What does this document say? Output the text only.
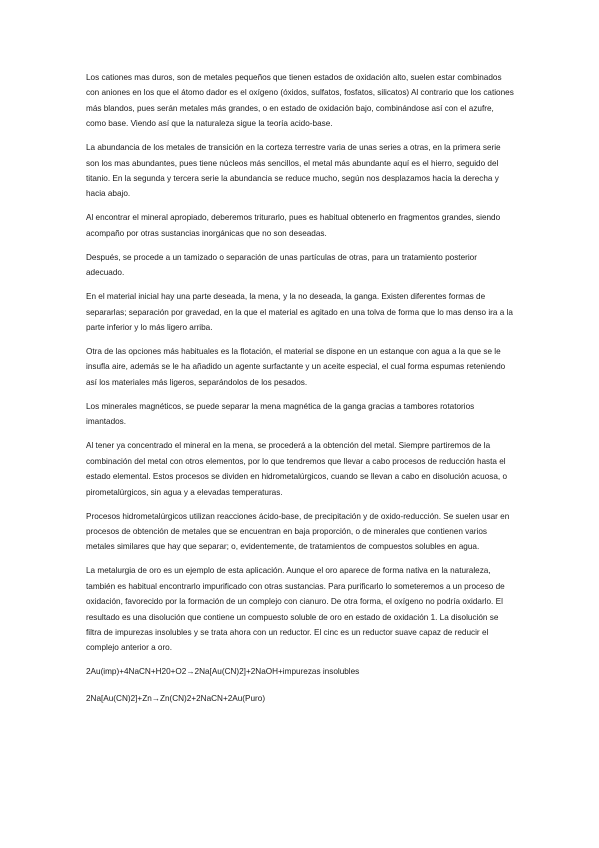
Los cationes mas duros, son de metales pequeños que tienen estados de oxidación alto, suelen estar combinados con aniones en los que el átomo dador es el oxígeno (óxidos, sulfatos, fosfatos, silicatos) Al contrario que los cationes más blandos, pues serán metales más grandes, o en estado de oxidación bajo, combinándose así con el azufre, como base. Viendo así que la naturaleza sigue la teoría acido-base.

La abundancia de los metales de transición en la corteza terrestre varia de unas series a otras, en la primera serie son los mas abundantes, pues tiene núcleos más sencillos, el metal más abundante aquí es el hierro, seguido del titanio. En la segunda y tercera serie la abundancia se reduce mucho, según nos desplazamos hacia la derecha y hacia abajo.

Al encontrar el mineral apropiado, deberemos triturarlo, pues es habitual obtenerlo en fragmentos grandes, siendo acompaño por otras sustancias inorgánicas que no son deseadas.

Después, se procede a un tamizado o separación de unas partículas de otras, para un tratamiento posterior adecuado.

En el material inicial hay una parte deseada, la mena, y la no deseada, la ganga. Existen diferentes formas de separarlas; separación por gravedad, en la que el material es agitado en una tolva de forma que lo mas denso ira a la parte inferior y lo más ligero arriba.

Otra de las opciones más habituales es la flotación, el material se dispone en un estanque con agua a la que se le insufla aire, además se le ha añadido un agente surfactante y un aceite especial, el cual forma espumas reteniendo así los materiales más ligeros, separándolos de los pesados.

Los minerales magnéticos, se puede separar la mena magnética de la ganga gracias a tambores rotatorios imantados.

Al tener ya concentrado el mineral en la mena, se procederá a la obtención del metal. Siempre partiremos de la combinación del metal con otros elementos, por lo que tendremos que llevar a cabo procesos de reducción hasta el estado elemental. Estos procesos se dividen en hidrometalúrgicos, cuando se llevan a cabo en disolución acuosa, o pirometalúrgicos, sin agua y a elevadas temperaturas.

Procesos hidrometalúrgicos utilizan reacciones ácido-base, de precipitación y de oxido-reducción. Se suelen usar en procesos de obtención de metales que se encuentran en baja proporción, o de minerales que contienen varios metales similares que hay que separar; o, evidentemente, de tratamientos de compuestos solubles en agua.

La metalurgia de oro es un ejemplo de esta aplicación. Aunque el oro aparece de forma nativa en la naturaleza, también es habitual encontrarlo impurificado con otras sustancias. Para purificarlo lo someteremos a un proceso de oxidación, favorecido por la formación de un complejo con cianuro. De otra forma, el oxígeno no podría oxidarlo. El resultado es una disolución que contiene un compuesto soluble de oro en estado de oxidación 1. La disolución se filtra de impurezas insolubles y se trata ahora con un reductor. El cinc es un reductor suave capaz de reducir el complejo anterior a oro.

2Au(imp)+4NaCN+H20+O2→2Na[Au(CN)2]+2NaOH+impurezas insolubles

2Na[Au(CN)2]+Zn→Zn(CN)2+2NaCN+2Au(Puro)
